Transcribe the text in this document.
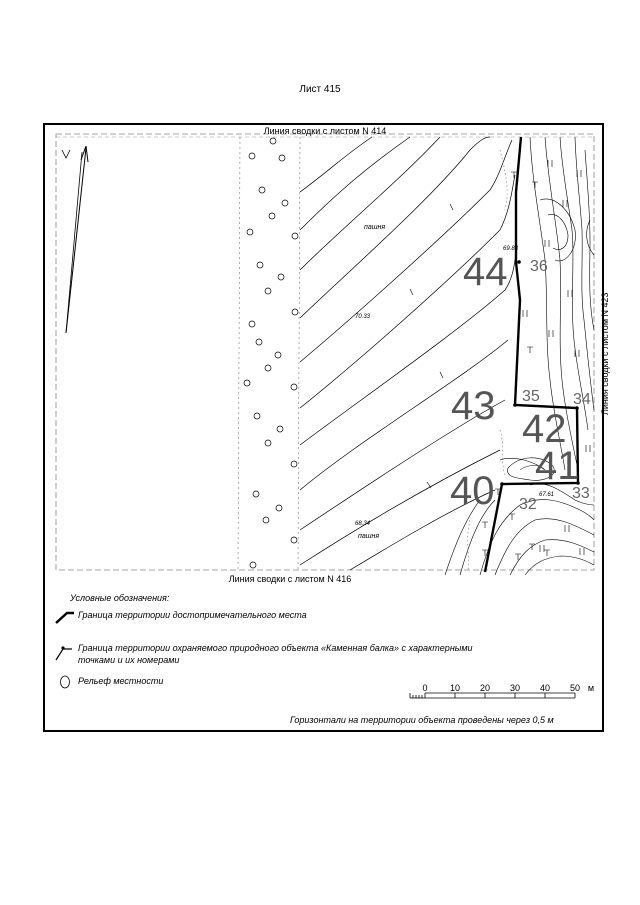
Лист 415
Линия сводки с листом N 414
Линия сводки с листом N 416
Линия сводки с листом N 423
пашня
пашня
69.83
70.33
68.34
67.61
44
43
42
41
40
36
35 34
33
32
Условные обозначения:
Граница территории достопримечательного места
Граница территории охраняемого природного объекта «Каменная балка» с характерными
точками и их номерами
Рельеф местности
0 10 20 30 40 50 м
Горизонтали на территории объекта проведены через 0,5 м
